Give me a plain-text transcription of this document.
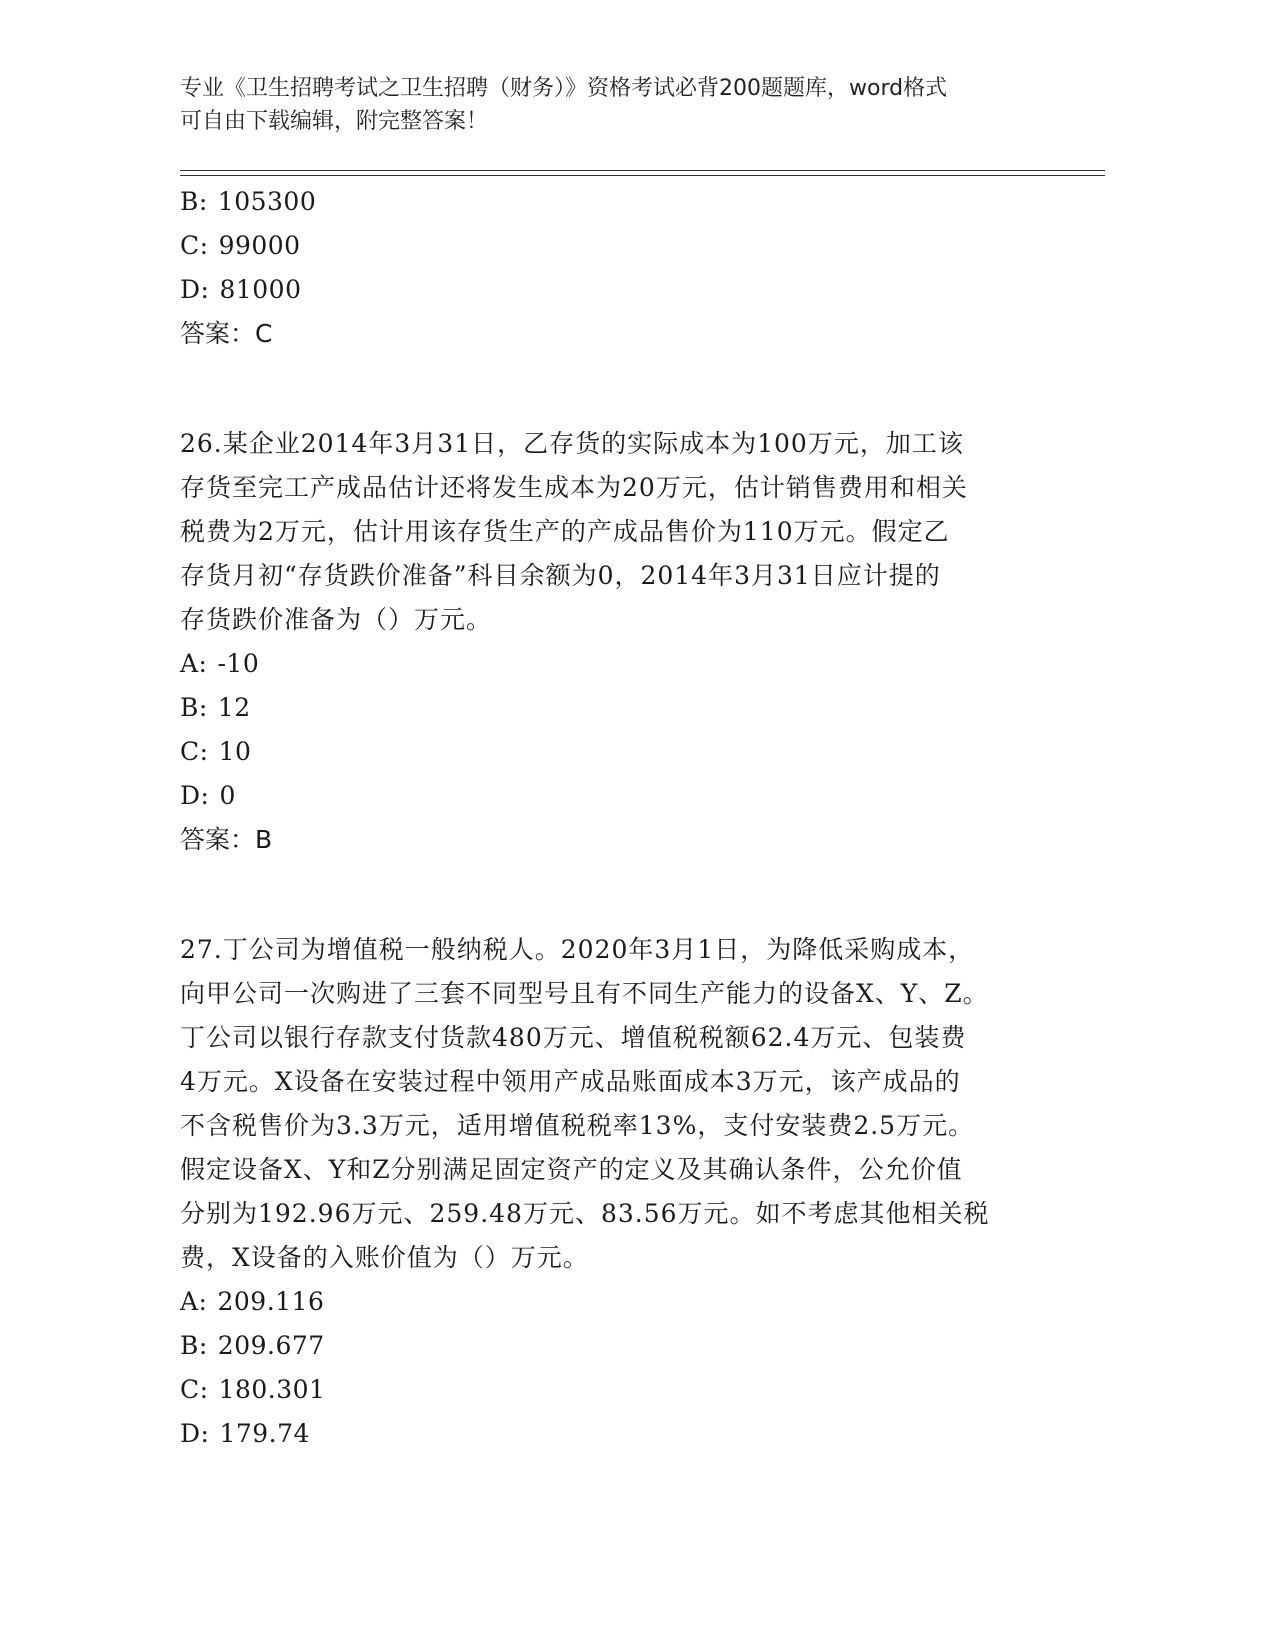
专业《卫生招聘考试之卫生招聘（财务）》资格考试必背200题题库，word格式
可自由下载编辑，附完整答案！
B: 105300
C: 99000
D: 81000
答案：C
26.某企业2014年3月31日，乙存货的实际成本为100万元，加工该
存货至完工产成品估计还将发生成本为20万元，估计销售费用和相关
税费为2万元，估计用该存货生产的产成品售价为110万元。假定乙
存货月初“存货跌价准备”科目余额为0，2014年3月31日应计提的
存货跌价准备为（）万元。
A: -10
B: 12
C: 10
D: 0
答案：B
27.丁公司为增值税一般纳税人。2020年3月1日，为降低采购成本，
向甲公司一次购进了三套不同型号且有不同生产能力的设备X、Y、Z。
丁公司以银行存款支付货款480万元、增值税税额62.4万元、包装费
4万元。X设备在安装过程中领用产成品账面成本3万元，该产成品的
不含税售价为3.3万元，适用增值税税率13%，支付安装费2.5万元。
假定设备X、Y和Z分别满足固定资产的定义及其确认条件，公允价值
分别为192.96万元、259.48万元、83.56万元。如不考虑其他相关税
费，X设备的入账价值为（）万元。
A: 209.116
B: 209.677
C: 180.301
D: 179.74
